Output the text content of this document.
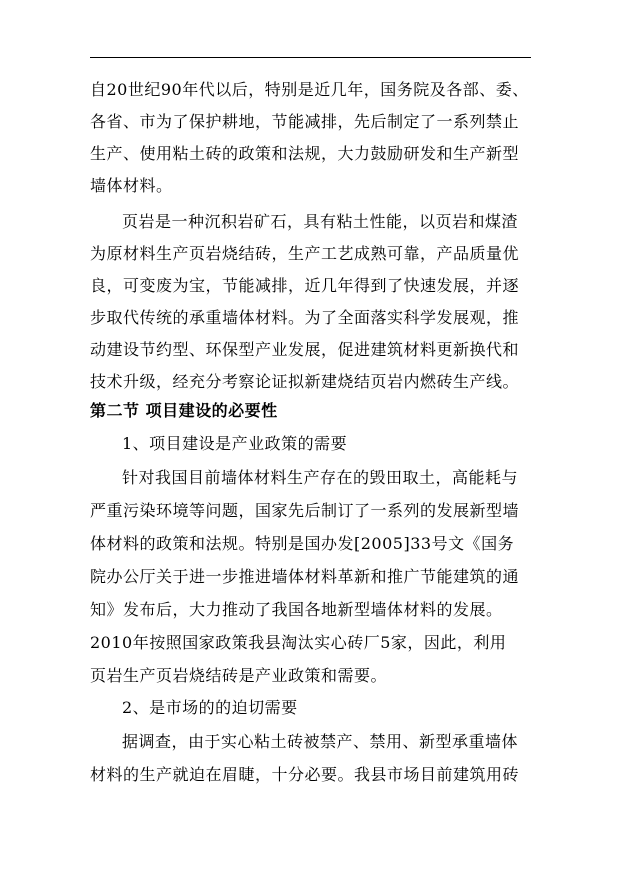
自20世纪90年代以后，特别是近几年，国务院及各部、委、
各省、市为了保护耕地，节能减排，先后制定了一系列禁止
生产、使用粘土砖的政策和法规，大力鼓励研发和生产新型
墙体材料。
页岩是一种沉积岩矿石，具有粘土性能，以页岩和煤渣
为原材料生产页岩烧结砖，生产工艺成熟可靠，产品质量优
良，可变废为宝，节能减排，近几年得到了快速发展，并逐
步取代传统的承重墙体材料。为了全面落实科学发展观，推
动建设节约型、环保型产业发展，促进建筑材料更新换代和
技术升级，经充分考察论证拟新建烧结页岩内燃砖生产线。
第二节 项目建设的必要性
1、项目建设是产业政策的需要
针对我国目前墙体材料生产存在的毁田取土，高能耗与
严重污染环境等问题，国家先后制订了一系列的发展新型墙
体材料的政策和法规。特别是国办发[2005]33号文《国务
院办公厅关于进一步推进墙体材料革新和推广节能建筑的通
知》发布后，大力推动了我国各地新型墙体材料的发展。
2010年按照国家政策我县淘汰实心砖厂5家，因此，利用
页岩生产页岩烧结砖是产业政策和需要。
2、是市场的的迫切需要
据调查，由于实心粘土砖被禁产、禁用、新型承重墙体
材料的生产就迫在眉睫，十分必要。我县市场目前建筑用砖
